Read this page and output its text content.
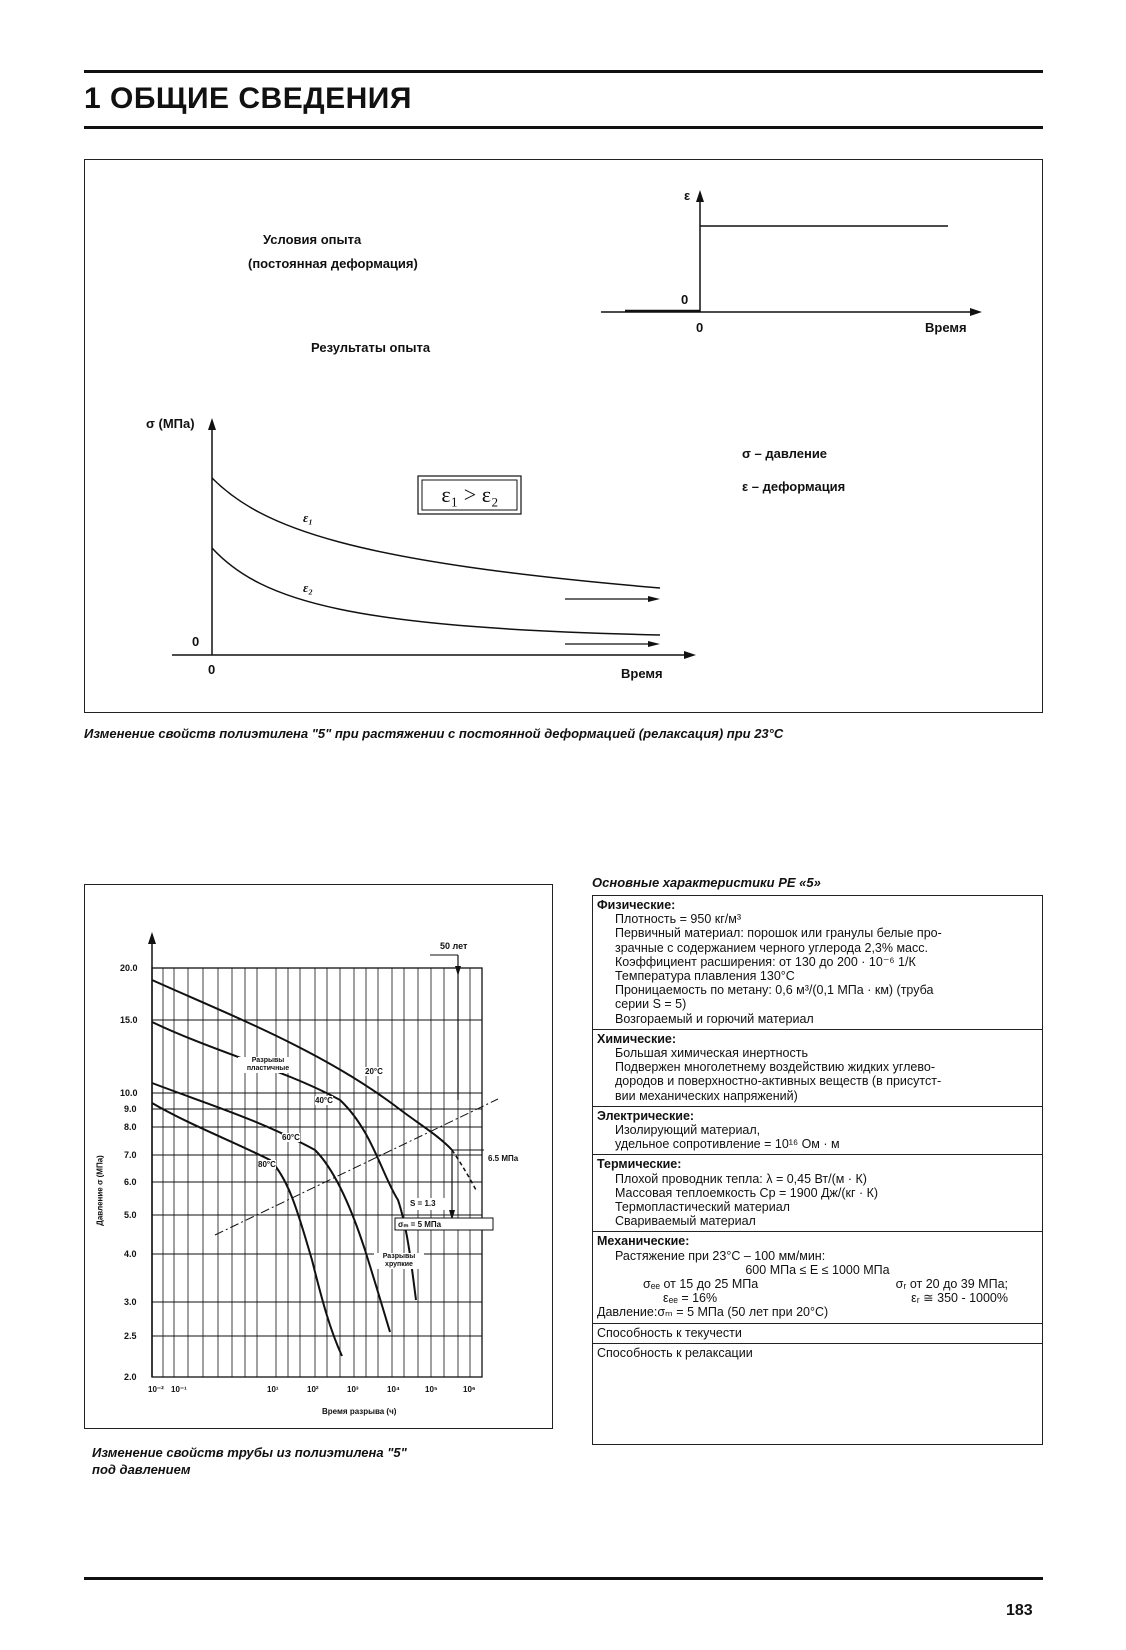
1 ОБЩИЕ СВЕДЕНИЯ
Условия опыта
(постоянная деформация)
Результаты опыта
ε
0
0	Время
σ (МПа)
0
0	Время
ε₁ > ε₂
ε₁
ε₂
σ – давление
ε – деформация
Изменение свойств полиэтилена "5" при растяжении с постоянной деформацией (релаксация) при 23°С
50 лет
20.0
15.0
10.0
9.0
8.0
7.0
6.0
5.0
4.0
3.0
2.5
2.0
10⁻² 10⁻¹	10¹	10²	10³	10⁴	10⁵	10⁶
Время разрыва (ч)
Давление σ (МПа)
Разрывы
пластичные
Разрывы
хрупкие
20°С
40°С
60°С
80°С
6.5 МПа
S = 1.3
σₘ = 5 МПа
Изменение свойств трубы из полиэтилена "5"
под давлением
Основные характеристики PE «5»
Физические:
Плотность = 950 кг/м³
Первичный материал: порошок или гранулы белые про-
зрачные с содержанием черного углерода 2,3% масс.
Коэффициент расширения: от 130 до 200 · 10⁻⁶ 1/К
Температура плавления 130°С
Проницаемость по метану: 0,6 м³/(0,1 МПа · км) (труба
серии S = 5)
Возгораемый и горючий материал
Химические:
Большая химическая инертность
Подвержен многолетнему воздействию жидких углево-
дородов и поверхностно-активных веществ (в присутст-
вии механических напряжений)
Электрические:
Изолирующий материал,
удельное сопротивление = 10¹⁶ Ом · м
Термические:
Плохой проводник тепла: λ = 0,45 Вт/(м · К)
Массовая теплоемкость Ср = 1900 Дж/(кг · К)
Термопластический материал
Свариваемый материал
Механические:
Растяжение при 23°С – 100 мм/мин:
600 МПа ≤ E ≤ 1000 МПа
σₑₑ от 15 до 25 МПа	σᵣ от 20 до 39 МПа;
εₑₑ = 16%	εᵣ ≅ 350 - 1000%
Давление:σₘ = 5 МПа (50 лет при 20°С)
Способность к текучести
Способность к релаксации
183
